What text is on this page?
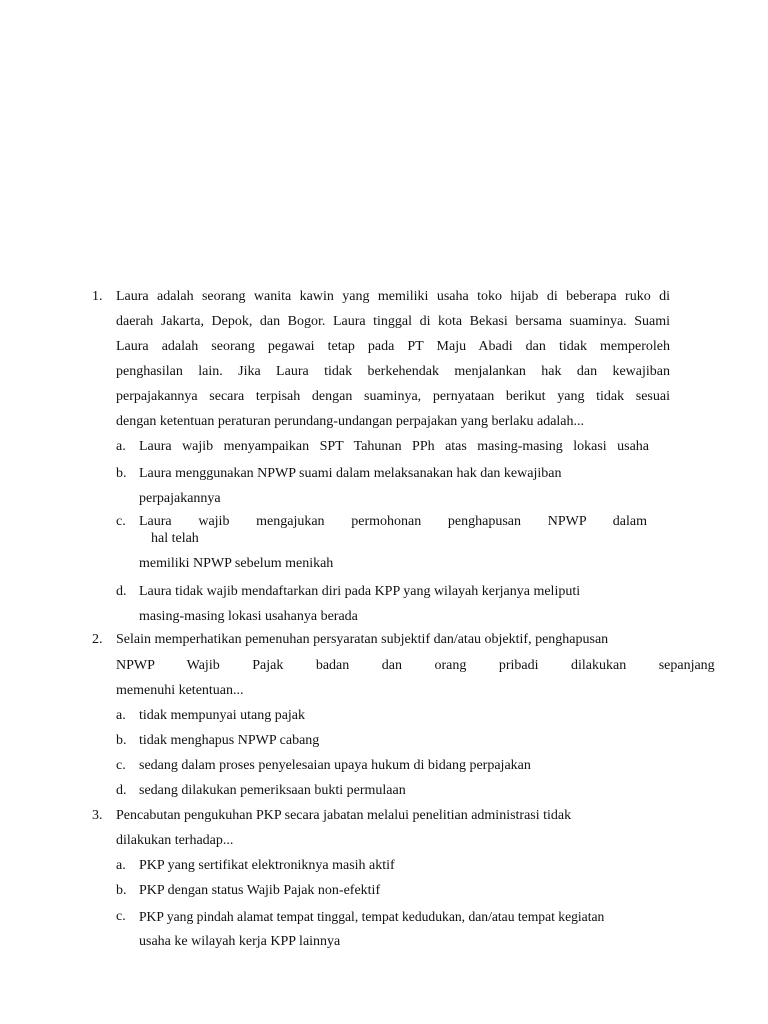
1. Laura adalah seorang wanita kawin yang memiliki usaha toko hijab di beberapa ruko di
daerah Jakarta, Depok, dan Bogor. Laura tinggal di kota Bekasi bersama suaminya. Suami
Laura adalah seorang pegawai tetap pada PT Maju Abadi dan tidak memperoleh
penghasilan lain. Jika Laura tidak berkehendak menjalankan hak dan kewajiban
perpajakannya secara terpisah dengan suaminya, pernyataan berikut yang tidak sesuai
dengan ketentuan peraturan perundang-undangan perpajakan yang berlaku adalah...
a. Laura wajib menyampaikan SPT Tahunan PPh atas masing-masing lokasi usaha
b. Laura menggunakan NPWP suami dalam melaksanakan hak dan kewajiban
perpajakannya
c. Laura wajib mengajukan permohonan penghapusan NPWP dalam
hal telah
memiliki NPWP sebelum menikah
d. Laura tidak wajib mendaftarkan diri pada KPP yang wilayah kerjanya meliputi
masing-masing lokasi usahanya berada
2. Selain memperhatikan pemenuhan persyaratan subjektif dan/atau objektif, penghapusan
NPWP Wajib Pajak badan dan orang pribadi dilakukan sepanjang
memenuhi ketentuan...
a. tidak mempunyai utang pajak
b. tidak menghapus NPWP cabang
c. sedang dalam proses penyelesaian upaya hukum di bidang perpajakan
d. sedang dilakukan pemeriksaan bukti permulaan
3. Pencabutan pengukuhan PKP secara jabatan melalui penelitian administrasi tidak
dilakukan terhadap...
a. PKP yang sertifikat elektroniknya masih aktif
b. PKP dengan status Wajib Pajak non-efektif
c. PKP yang pindah alamat tempat tinggal, tempat kedudukan, dan/atau tempat kegiatan
usaha ke wilayah kerja KPP lainnya
